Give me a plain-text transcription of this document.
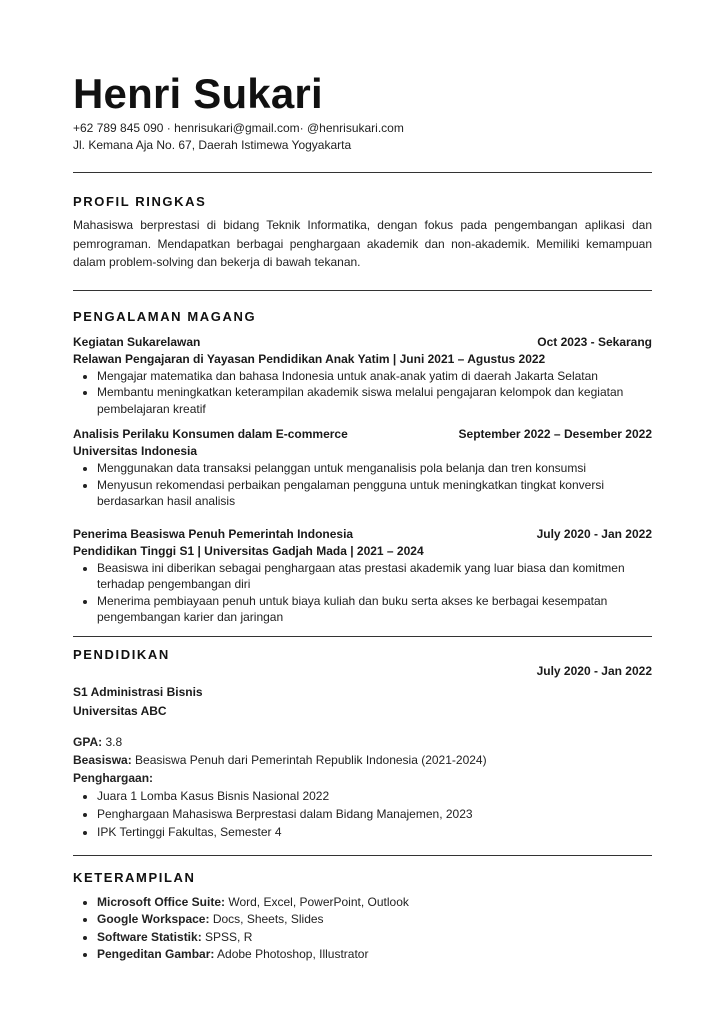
Henri Sukari
+62 789 845 090 · henrisukari@gmail.com· @henrisukari.com
Jl. Kemana Aja No. 67, Daerah Istimewa Yogyakarta
PROFIL RINGKAS

Mahasiswa berprestasi di bidang Teknik Informatika, dengan fokus pada pengembangan aplikasi dan pemrograman. Mendapatkan berbagai penghargaan akademik dan non-akademik. Memiliki kemampuan dalam problem-solving dan bekerja di bawah tekanan.

PENGALAMAN MAGANG
Kegiatan Sukarelawan	Oct 2023 - Sekarang
Relawan Pengajaran di Yayasan Pendidikan Anak Yatim | Juni 2021 – Agustus 2022
• Mengajar matematika dan bahasa Indonesia untuk anak-anak yatim di daerah Jakarta Selatan
• Membantu meningkatkan keterampilan akademik siswa melalui pengajaran kelompok dan kegiatan pembelajaran kreatif
Analisis Perilaku Konsumen dalam E-commerce	September 2022 – Desember 2022
Universitas Indonesia
• Menggunakan data transaksi pelanggan untuk menganalisis pola belanja dan tren konsumsi
• Menyusun rekomendasi perbaikan pengalaman pengguna untuk meningkatkan tingkat konversi berdasarkan hasil analisis
Penerima Beasiswa Penuh Pemerintah Indonesia	July 2020 - Jan 2022
Pendidikan Tinggi S1 | Universitas Gadjah Mada | 2021 – 2024
• Beasiswa ini diberikan sebagai penghargaan atas prestasi akademik yang luar biasa dan komitmen terhadap pengembangan diri
• Menerima pembiayaan penuh untuk biaya kuliah dan buku serta akses ke berbagai kesempatan pengembangan karier dan jaringan
PENDIDIKAN
July 2020 - Jan 2022
S1 Administrasi Bisnis
Universitas ABC
GPA: 3.8
Beasiswa: Beasiswa Penuh dari Pemerintah Republik Indonesia (2021-2024)
Penghargaan:
• Juara 1 Lomba Kasus Bisnis Nasional 2022
• Penghargaan Mahasiswa Berprestasi dalam Bidang Manajemen, 2023
• IPK Tertinggi Fakultas, Semester 4
KETERAMPILAN
• Microsoft Office Suite: Word, Excel, PowerPoint, Outlook
• Google Workspace: Docs, Sheets, Slides
• Software Statistik: SPSS, R
• Pengeditan Gambar: Adobe Photoshop, Illustrator
